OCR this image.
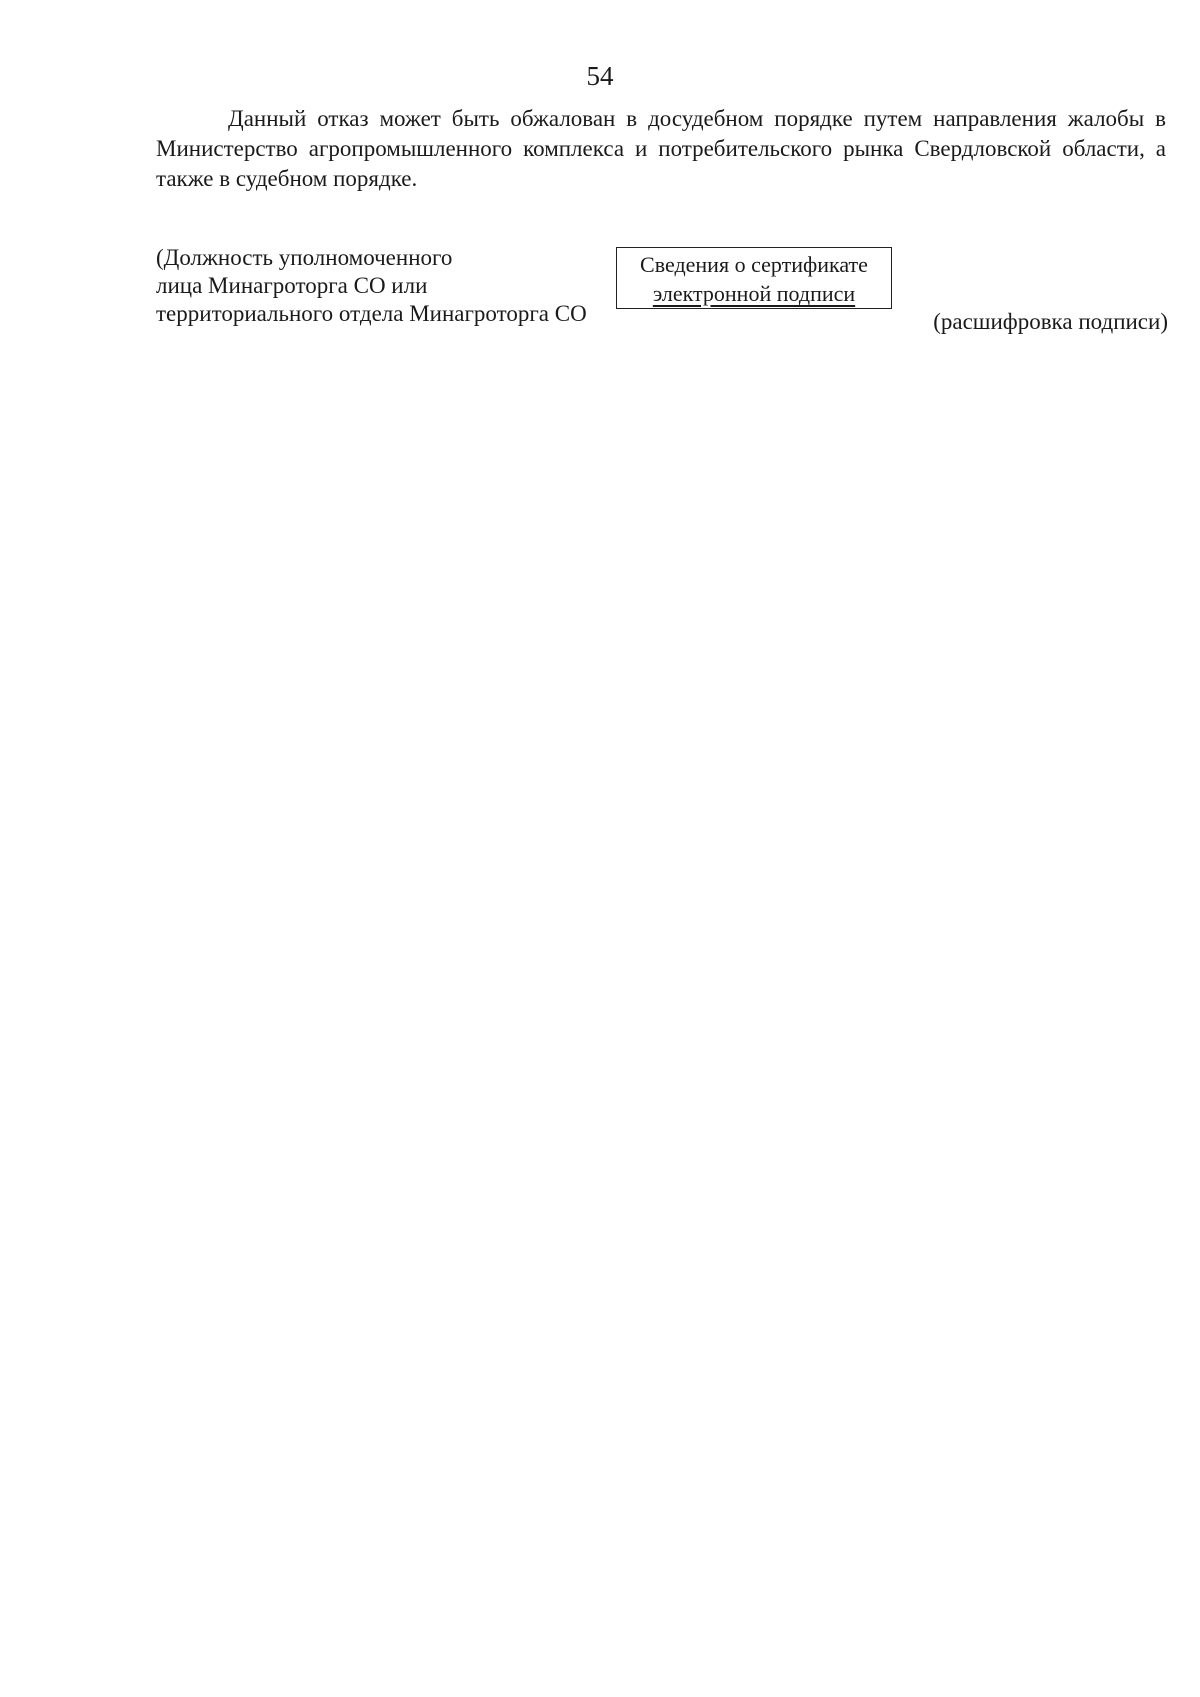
54

Данный отказ может быть обжалован в досудебном порядке путем направления жалобы в Министерство агропромышленного комплекса и потребительского рынка Свердловской области, а также в судебном порядке.

(Должность уполномоченного
лица Минагроторга СО или
территориального отдела Минагроторга СО
Сведения о сертификате
электронной подписи
(расшифровка подписи)
